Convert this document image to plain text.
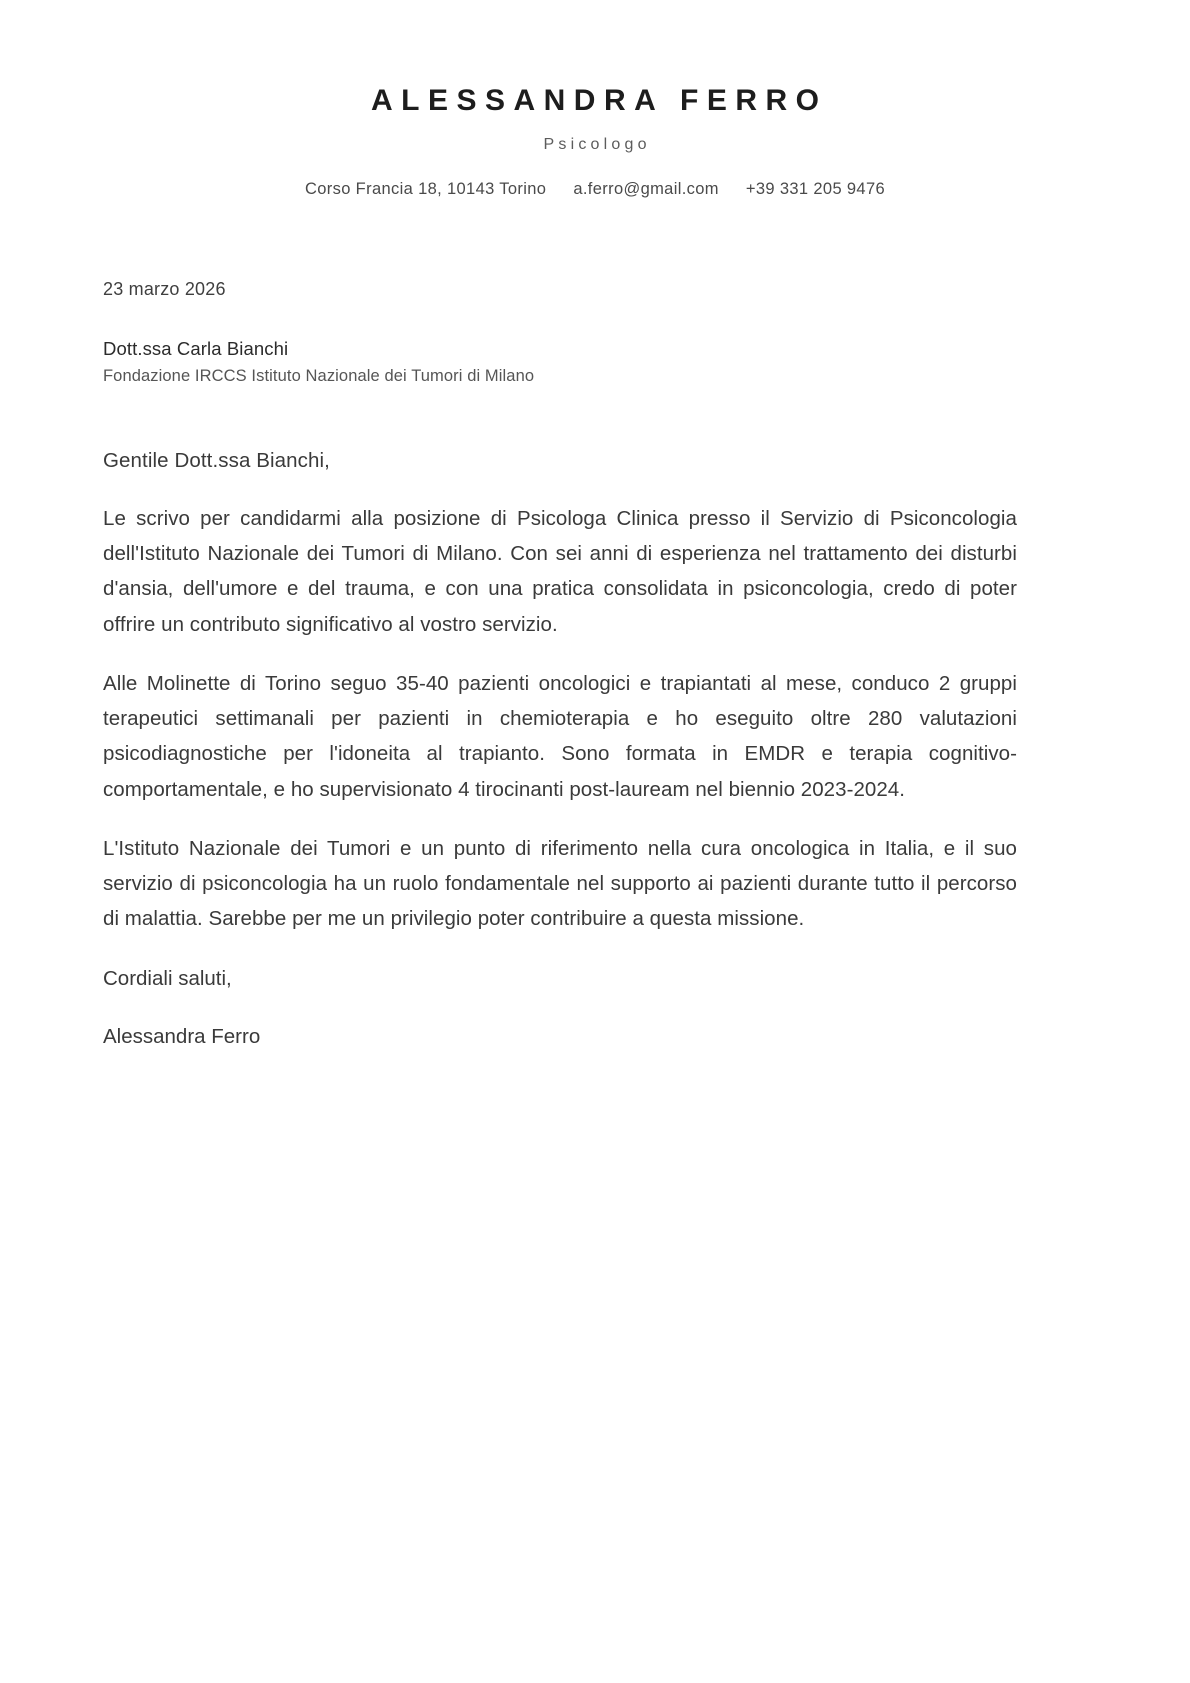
ALESSANDRA FERRO
Psicologo
Corso Francia 18, 10143 Torino a.ferro@gmail.com +39 331 205 9476
23 marzo 2026
Dott.ssa Carla Bianchi
Fondazione IRCCS Istituto Nazionale dei Tumori di Milano
Gentile Dott.ssa Bianchi,

Le scrivo per candidarmi alla posizione di Psicologa Clinica presso il Servizio di Psiconcologia dell'Istituto Nazionale dei Tumori di Milano. Con sei anni di esperienza nel trattamento dei disturbi d'ansia, dell'umore e del trauma, e con una pratica consolidata in psiconcologia, credo di poter offrire un contributo significativo al vostro servizio.

Alle Molinette di Torino seguo 35-40 pazienti oncologici e trapiantati al mese, conduco 2 gruppi terapeutici settimanali per pazienti in chemioterapia e ho eseguito oltre 280 valutazioni psicodiagnostiche per l'idoneita al trapianto. Sono formata in EMDR e terapia cognitivo-comportamentale, e ho supervisionato 4 tirocinanti post-lauream nel biennio 2023-2024.

L'Istituto Nazionale dei Tumori e un punto di riferimento nella cura oncologica in Italia, e il suo servizio di psiconcologia ha un ruolo fondamentale nel supporto ai pazienti durante tutto il percorso di malattia. Sarebbe per me un privilegio poter contribuire a questa missione.

Cordiali saluti,
Alessandra Ferro
